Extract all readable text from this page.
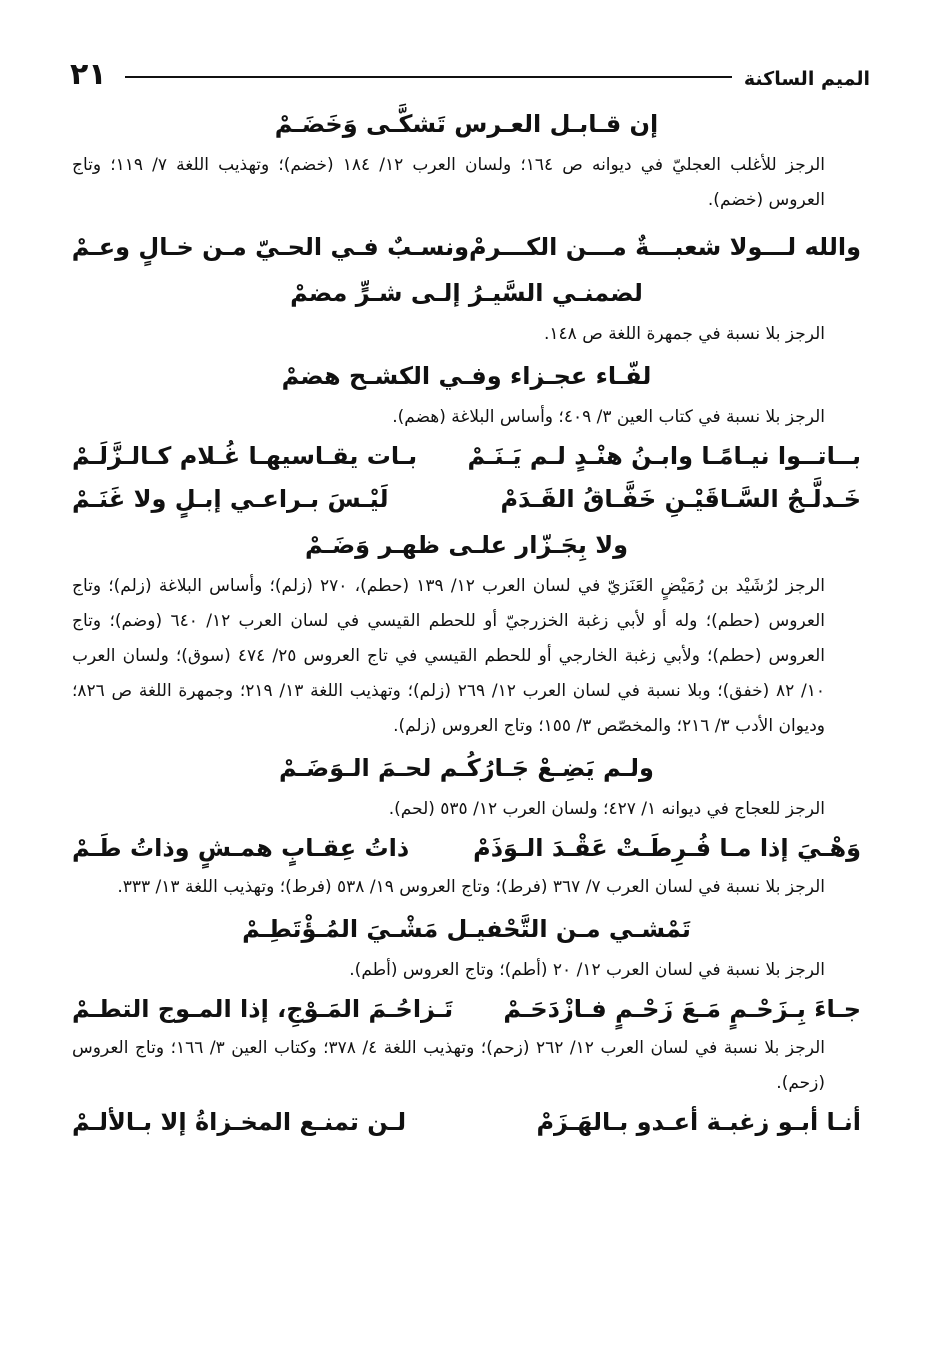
٢١	الميم الساكنة
إن قـابـل العـرس تَشكَّـى وَخَضَـمْ
الرجز للأغلب العجليّ في ديوانه ص ١٦٤؛ ولسان العرب ١٢/ ١٨٤ (خضم)؛ وتهذيب اللغة ٧/ ١١٩؛ وتاج العروس (خضم).
والله لـــولا شعبـــةٌ مـــن الكـــرمْ
ونسـبٌ فـي الحـيّ مـن خـالٍ وعـمْ
لضمنـي السَّيـرُ إلـى شـرٍّ مضمْ
الرجز بلا نسبة في جمهرة اللغة ص ١٤٨.
لفّـاء عجـزاء وفـي الكشـح هضمْ
الرجز بلا نسبة في كتاب العين ٣/ ٤٠٩؛ وأساس البلاغة (هضم).
بــاتــوا نيـامًـا وابـنُ هنْـدٍ لـم يَـنَـمْ
بـات يقـاسيهـا غُـلام كـالـزَّلَـمْ
خَـدلَّـجُ السَّـاقَيْـنِ خَفَّـاقُ القَـدَمْ
لَيْـسَ بـراعـي إبـلٍ ولا غَنَـمْ
ولا بِجَـزّار علـى ظهـر وَضَـمْ
الرجز لرُشَيْد بن رُمَيْضٍ العَنَزيّ في لسان العرب ١٢/ ١٣٩ (حطم)، ٢٧٠ (زلم)؛ وأساس البلاغة (زلم)؛ وتاج العروس (حطم)؛ وله أو لأبي زغبة الخزرجيّ أو للحطم القيسي في لسان العرب ١٢/ ٦٤٠ (وضم)؛ وتاج العروس (حطم)؛ ولأبي زغبة الخارجي أو للحطم القيسي في تاج العروس ٢٥/ ٤٧٤ (سوق)؛ ولسان العرب ١٠/ ٨٢ (خفق)؛ وبلا نسبة في لسان العرب ١٢/ ٢٦٩ (زلم)؛ وتهذيب اللغة ١٣/ ٢١٩؛ وجمهرة اللغة ص ٨٢٦؛ وديوان الأدب ٣/ ٢١٦؛ والمخصّص ٣/ ١٥٥؛ وتاج العروس (زلم).
ولـم يَضِـعْ جَـارُكُـم لحـمَ الـوَضَـمْ
الرجز للعجاج في ديوانه ١/ ٤٢٧؛ ولسان العرب ١٢/ ٥٣٥ (لحم).
وَهْـيَ إذا مـا فُـرِطَـتْ عَقْـدَ الـوَذَمْ
ذاتُ عِقـابٍ همـشٍ وذاتُ طَـمْ
الرجز بلا نسبة في لسان العرب ٧/ ٣٦٧ (فرط)؛ وتاج العروس ١٩/ ٥٣٨ (فرط)؛ وتهذيب اللغة ١٣/ ٣٣٣.
تَمْشـي مـن التَّحْفيـل مَشْـيَ المُـؤْتَطِـمْ
الرجز بلا نسبة في لسان العرب ١٢/ ٢٠ (أطم)؛ وتاج العروس (أطم).
جـاءَ بِـزَحْـمٍ مَـعَ زَحْـمٍ فـازْدَحَـمْ
تَـزاحُـمَ المَـوْجِ، إذا المـوج التطـمْ
الرجز بلا نسبة في لسان العرب ١٢/ ٢٦٢ (زحم)؛ وتهذيب اللغة ٤/ ٣٧٨؛ وكتاب العين ٣/ ١٦٦؛ وتاج العروس (زحم).
أنـا أبـو زغبـة أعـدو بـالهَـزَمْ
لـن تمنـع المخـزاةُ إلا بـالألـمْ
